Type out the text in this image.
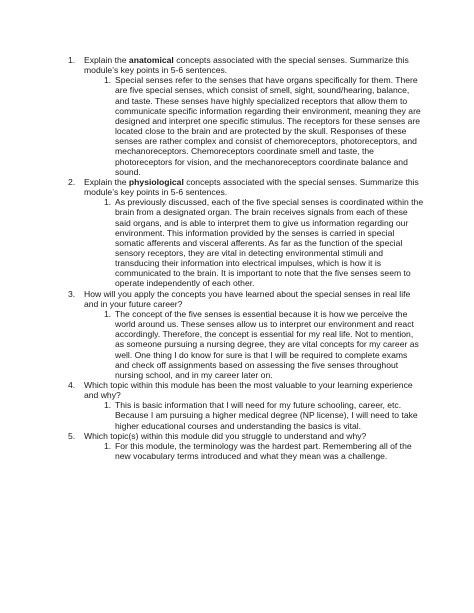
1. Explain the anatomical concepts associated with the special senses. Summarize this module’s key points in 5-6 sentences.
1. Special senses refer to the senses that have organs specifically for them. There are five special senses, which consist of smell, sight, sound/hearing, balance, and taste. These senses have highly specialized receptors that allow them to communicate specific information regarding their environment, meaning they are designed and interpret one specific stimulus. The receptors for these senses are located close to the brain and are protected by the skull. Responses of these senses are rather complex and consist of chemoreceptors, photoreceptors, and mechanoreceptors. Chemoreceptors coordinate smell and taste, the photoreceptors for vision, and the mechanoreceptors coordinate balance and sound.
2. Explain the physiological concepts associated with the special senses. Summarize this module’s key points in 5-6 sentences.
1. As previously discussed, each of the five special senses is coordinated within the brain from a designated organ. The brain receives signals from each of these said organs, and is able to interpret them to give us information regarding our environment. This information provided by the senses is carried in special somatic afferents and visceral afferents. As far as the function of the special sensory receptors, they are vital in detecting environmental stimuli and transducing their information into electrical impulses, which is how it is communicated to the brain. It is important to note that the five senses seem to operate independently of each other.
3. How will you apply the concepts you have learned about the special senses in real life and in your future career?
1. The concept of the five senses is essential because it is how we perceive the world around us. These senses allow us to interpret our environment and react accordingly. Therefore, the concept is essential for my real life. Not to mention, as someone pursuing a nursing degree, they are vital concepts for my career as well. One thing I do know for sure is that I will be required to complete exams and check off assignments based on assessing the five senses throughout nursing school, and in my career later on.
4. Which topic within this module has been the most valuable to your learning experience and why?
1. This is basic information that I will need for my future schooling, career, etc. Because I am pursuing a higher medical degree (NP license), I will need to take higher educational courses and understanding the basics is vital.
5. Which topic(s) within this module did you struggle to understand and why?
1. For this module, the terminology was the hardest part. Remembering all of the new vocabulary terms introduced and what they mean was a challenge.
